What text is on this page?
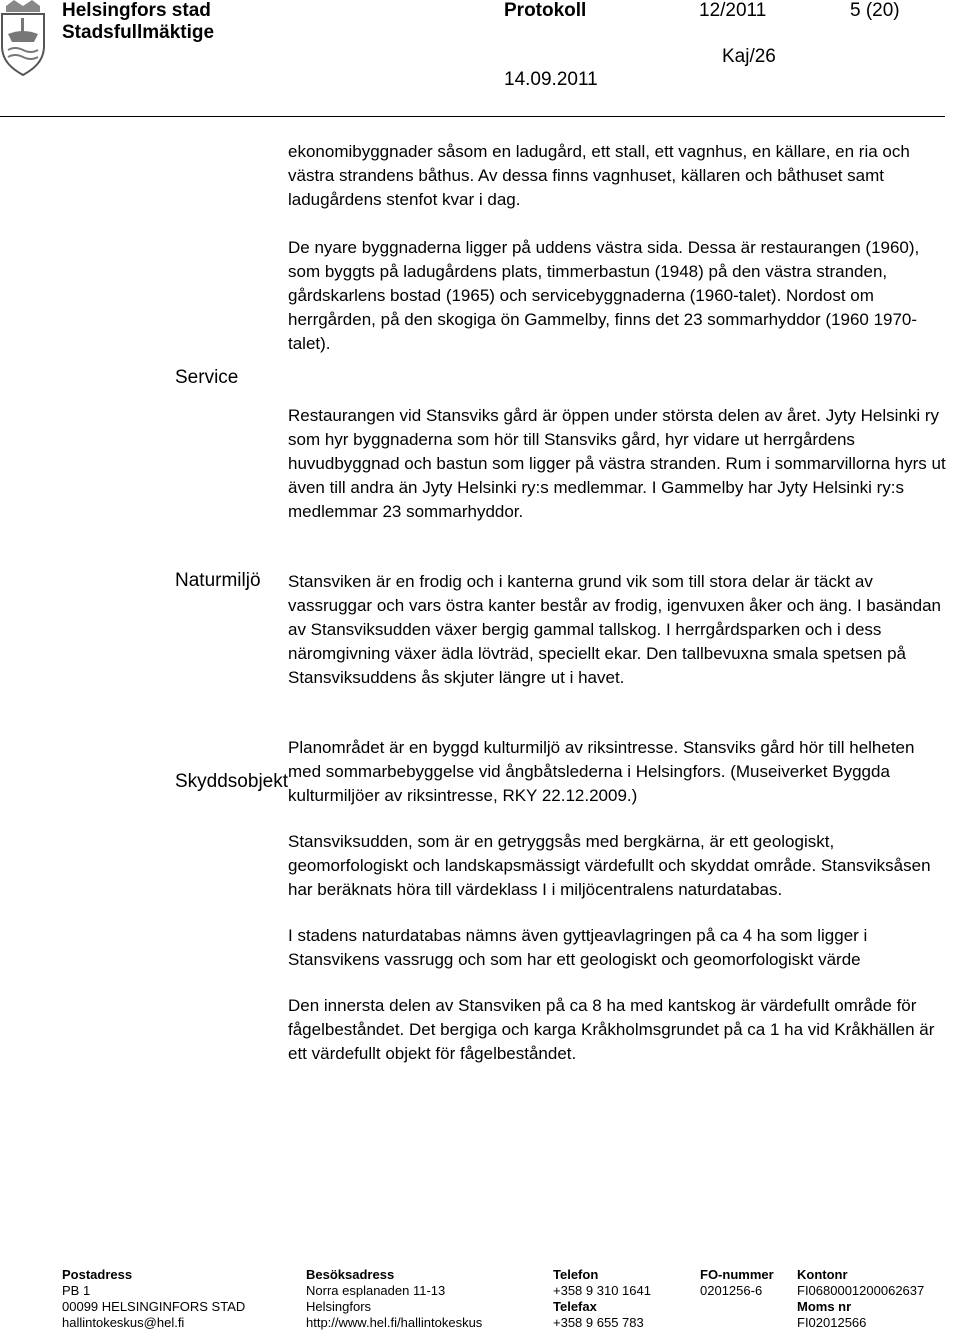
Helsingfors stad
Stadsfullmäktige
Protokoll	12/2011	5 (20)
Kaj/26
14.09.2011
Service
Naturmiljö
Skyddsobjekt

ekonomibyggnader såsom en ladugård, ett stall, ett vagnhus, en källare, en ria och västra strandens båthus. Av dessa finns vagnhuset, källaren och båthuset samt ladugårdens stenfot kvar i dag.

De nyare byggnaderna ligger på uddens västra sida. Dessa är restaurangen (1960), som byggts på ladugårdens plats, timmerbastun (1948) på den västra stranden, gårdskarlens bostad (1965) och servicebyggnaderna (1960-talet). Nordost om herrgården, på den skogiga ön Gammelby, finns det 23 sommarhyddor (1960 1970-talet).

Restaurangen vid Stansviks gård är öppen under största delen av året. Jyty Helsinki ry som hyr byggnaderna som hör till Stansviks gård, hyr vidare ut herrgårdens huvudbyggnad och bastun som ligger på västra stranden. Rum i sommarvillorna hyrs ut även till andra än Jyty Helsinki ry:s medlemmar. I Gammelby har Jyty Helsinki ry:s medlemmar 23 sommarhyddor.

Stansviken är en frodig och i kanterna grund vik som till stora delar är täckt av vassruggar och vars östra kanter består av frodig, igenvuxen åker och äng. I basändan av Stansviksudden växer bergig gammal tallskog. I herrgårdsparken och i dess näromgivning växer ädla lövträd, speciellt ekar. Den tallbevuxna smala spetsen på Stansviksuddens ås skjuter längre ut i havet.

Planområdet är en byggd kulturmiljö av riksintresse. Stansviks gård hör till helheten med sommarbebyggelse vid ångbåtslederna i Helsingfors. (Museiverket Byggda kulturmiljöer av riksintresse, RKY 22.12.2009.)

Stansviksudden, som är en getryggsås med bergkärna, är ett geologiskt, geomorfologiskt och landskapsmässigt värdefullt och skyddat område. Stansviksåsen har beräknats höra till värdeklass I i miljöcentralens naturdatabas.

I stadens naturdatabas nämns även gyttjeavlagringen på ca 4 ha som ligger i Stansvikens vassrugg och som har ett geologiskt och geomorfologiskt värde

Den innersta delen av Stansviken på ca 8 ha med kantskog är värdefullt område för fågelbeståndet. Det bergiga och karga Kråkholmsgrundet på ca 1 ha vid Kråkhällen är ett värdefullt objekt för fågelbeståndet.

Postadress
PB 1
00099 HELSINGINFORS STAD
hallintokeskus@hel.fi
Besöksadress
Norra esplanaden 11-13
Helsingfors
http://www.hel.fi/hallintokeskus
Telefon
+358 9 310 1641
Telefax
+358 9 655 783
FO-nummer
0201256-6
Kontonr
FI0680001200062637
Moms nr
FI02012566
